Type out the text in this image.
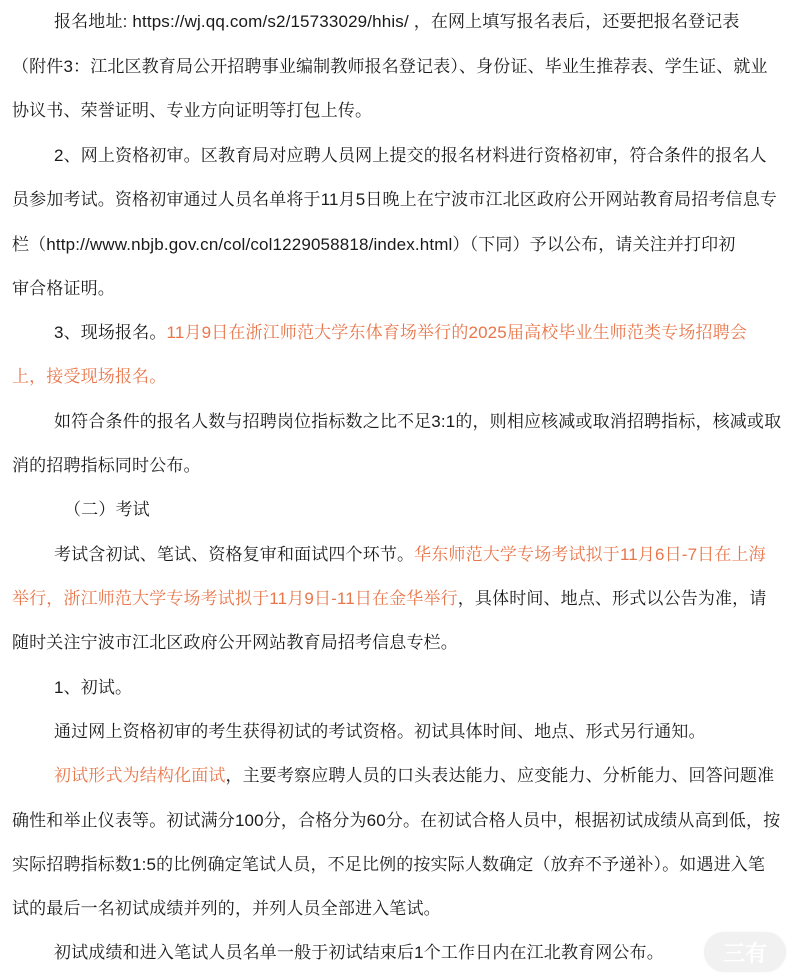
报名地址: https://wj.qq.com/s2/15733029/hhis/ ，在网上填写报名表后，还要把报名登记表
（附件3：江北区教育局公开招聘事业编制教师报名登记表）、身份证、毕业生推荐表、学生证、就业
协议书、荣誉证明、专业方向证明等打包上传。
2、网上资格初审。区教育局对应聘人员网上提交的报名材料进行资格初审，符合条件的报名人
员参加考试。资格初审通过人员名单将于11月5日晚上在宁波市江北区政府公开网站教育局招考信息专
栏（http://www.nbjb.gov.cn/col/col1229058818/index.html）（下同）予以公布，请关注并打印初
审合格证明。
3、现场报名。11月9日在浙江师范大学东体育场举行的2025届高校毕业生师范类专场招聘会
上，接受现场报名。
如符合条件的报名人数与招聘岗位指标数之比不足3:1的，则相应核减或取消招聘指标，核减或取
消的招聘指标同时公布。
（二）考试
考试含初试、笔试、资格复审和面试四个环节。华东师范大学专场考试拟于11月6日-7日在上海
举行，浙江师范大学专场考试拟于11月9日-11日在金华举行，具体时间、地点、形式以公告为准，请
随时关注宁波市江北区政府公开网站教育局招考信息专栏。
1、初试。
通过网上资格初审的考生获得初试的考试资格。初试具体时间、地点、形式另行通知。
初试形式为结构化面试，主要考察应聘人员的口头表达能力、应变能力、分析能力、回答问题准
确性和举止仪表等。初试满分100分，合格分为60分。在初试合格人员中，根据初试成绩从高到低，按
实际招聘指标数1:5的比例确定笔试人员，不足比例的按实际人数确定（放弃不予递补）。如遇进入笔
试的最后一名初试成绩并列的，并列人员全部进入笔试。
初试成绩和进入笔试人员名单一般于初试结束后1个工作日内在江北教育网公布。	三有
